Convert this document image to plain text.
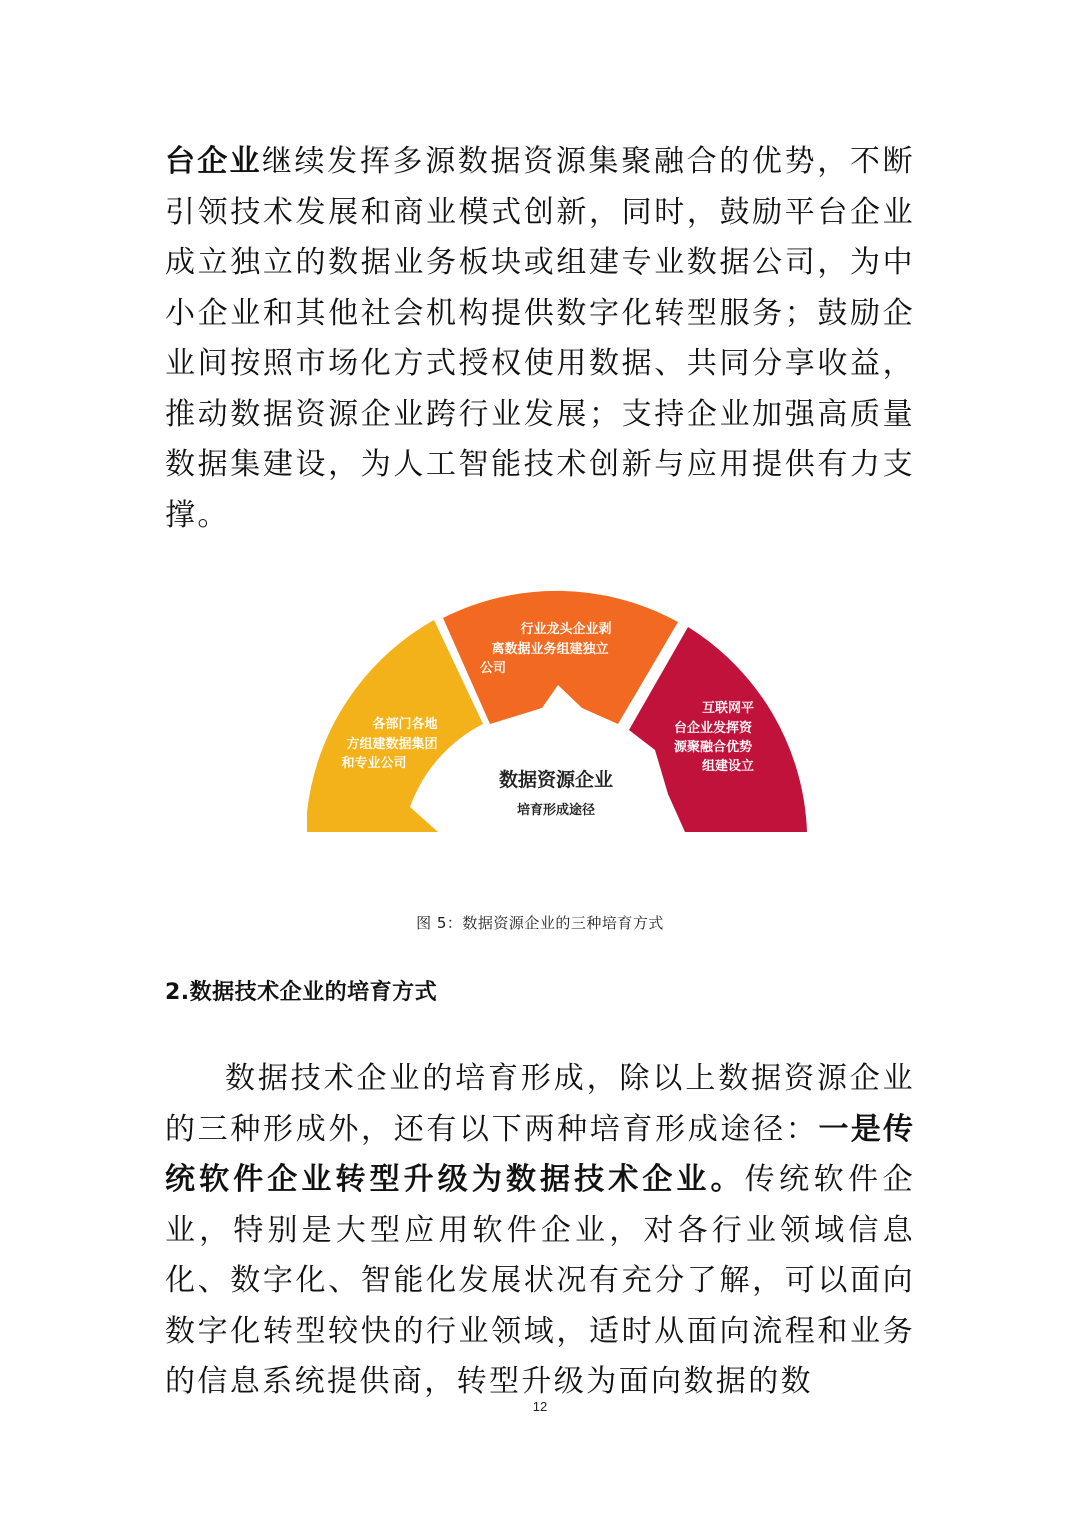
台企业继续发挥多源数据资源集聚融合的优势，不断引领技术发展和商业模式创新，同时，鼓励平台企业成立独立的数据业务板块或组建专业数据公司，为中小企业和其他社会机构提供数字化转型服务；鼓励企业间按照市场化方式授权使用数据、共同分享收益，推动数据资源企业跨行业发展；支持企业加强高质量数据集建设，为人工智能技术创新与应用提供有力支撑。

各部门各地
方组建数据集团
和专业公司
行业龙头企业剥
离数据业务组建独立
公司
互联网平
台企业发挥资
源聚融合优势
组建设立
数据资源企业
培育形成途径
图 5：数据资源企业的三种培育方式
2.数据技术企业的培育方式

数据技术企业的培育形成，除以上数据资源企业的三种形成外，还有以下两种培育形成途径：一是传统软件企业转型升级为数据技术企业。传统软件企业，特别是大型应用软件企业，对各行业领域信息化、数字化、智能化发展状况有充分了解，可以面向数字化转型较快的行业领域，适时从面向流程和业务的信息系统提供商，转型升级为面向数据的数

12
